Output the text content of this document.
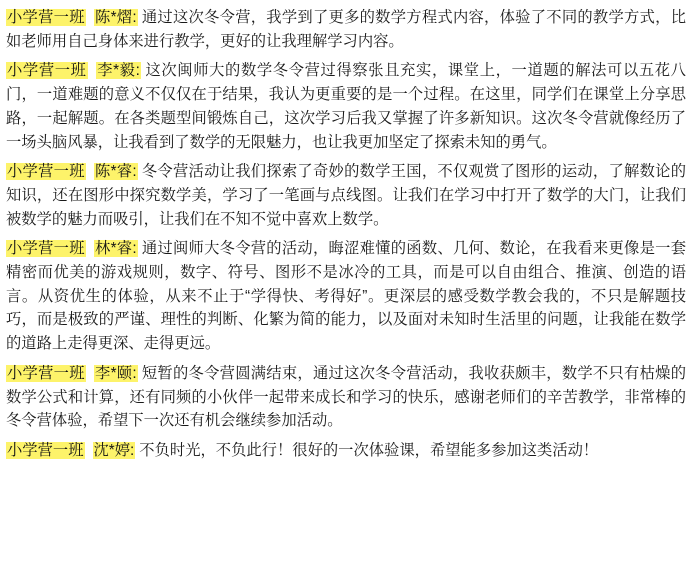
小学营一班 陈*熠: 通过这次冬令营，我学到了更多的数学方程式内容，体验了不同的教学方式，比如老师用自己身体来进行教学，更好的让我理解学习内容。

小学营一班 李*毅: 这次闽师大的数学冬令营过得察张且充实，课堂上，一道题的解法可以五花八门，一道难题的意义不仅仅在于结果，我认为更重要的是一个过程。在这里，同学们在课堂上分享思路，一起解题。在各类题型间锻炼自己，这次学习后我又掌握了许多新知识。这次冬令营就像经历了一场头脑风暴，让我看到了数学的无限魅力，也让我更加坚定了探索未知的勇气。

小学营一班 陈*睿: 冬令营活动让我们探索了奇妙的数学王国，不仅观赏了图形的运动，了解数论的知识，还在图形中探究数学美，学习了一笔画与点线图。让我们在学习中打开了数学的大门，让我们被数学的魅力而吸引，让我们在不知不觉中喜欢上数学。

小学营一班 林*睿: 通过闽师大冬令营的活动，晦涩难懂的函数、几何、数论，在我看来更像是一套精密而优美的游戏规则，数字、符号、图形不是冰冷的工具，而是可以自由组合、推演、创造的语言。从资优生的体验，从来不止于“学得快、考得好”。更深层的感受数学教会我的，不只是解题技巧，而是极致的严谨、理性的判断、化繁为简的能力，以及面对未知时生活里的问题，让我能在数学的道路上走得更深、走得更远。

小学营一班 李*颐: 短暂的冬令营圆满结束，通过这次冬令营活动，我收获颇丰，数学不只有枯燥的数学公式和计算，还有同频的小伙伴一起带来成长和学习的快乐，感谢老师们的辛苦教学，非常棒的冬令营体验，希望下一次还有机会继续参加活动。

小学营一班 沈*婷: 不负时光，不负此行！很好的一次体验课，希望能多参加这类活动！
